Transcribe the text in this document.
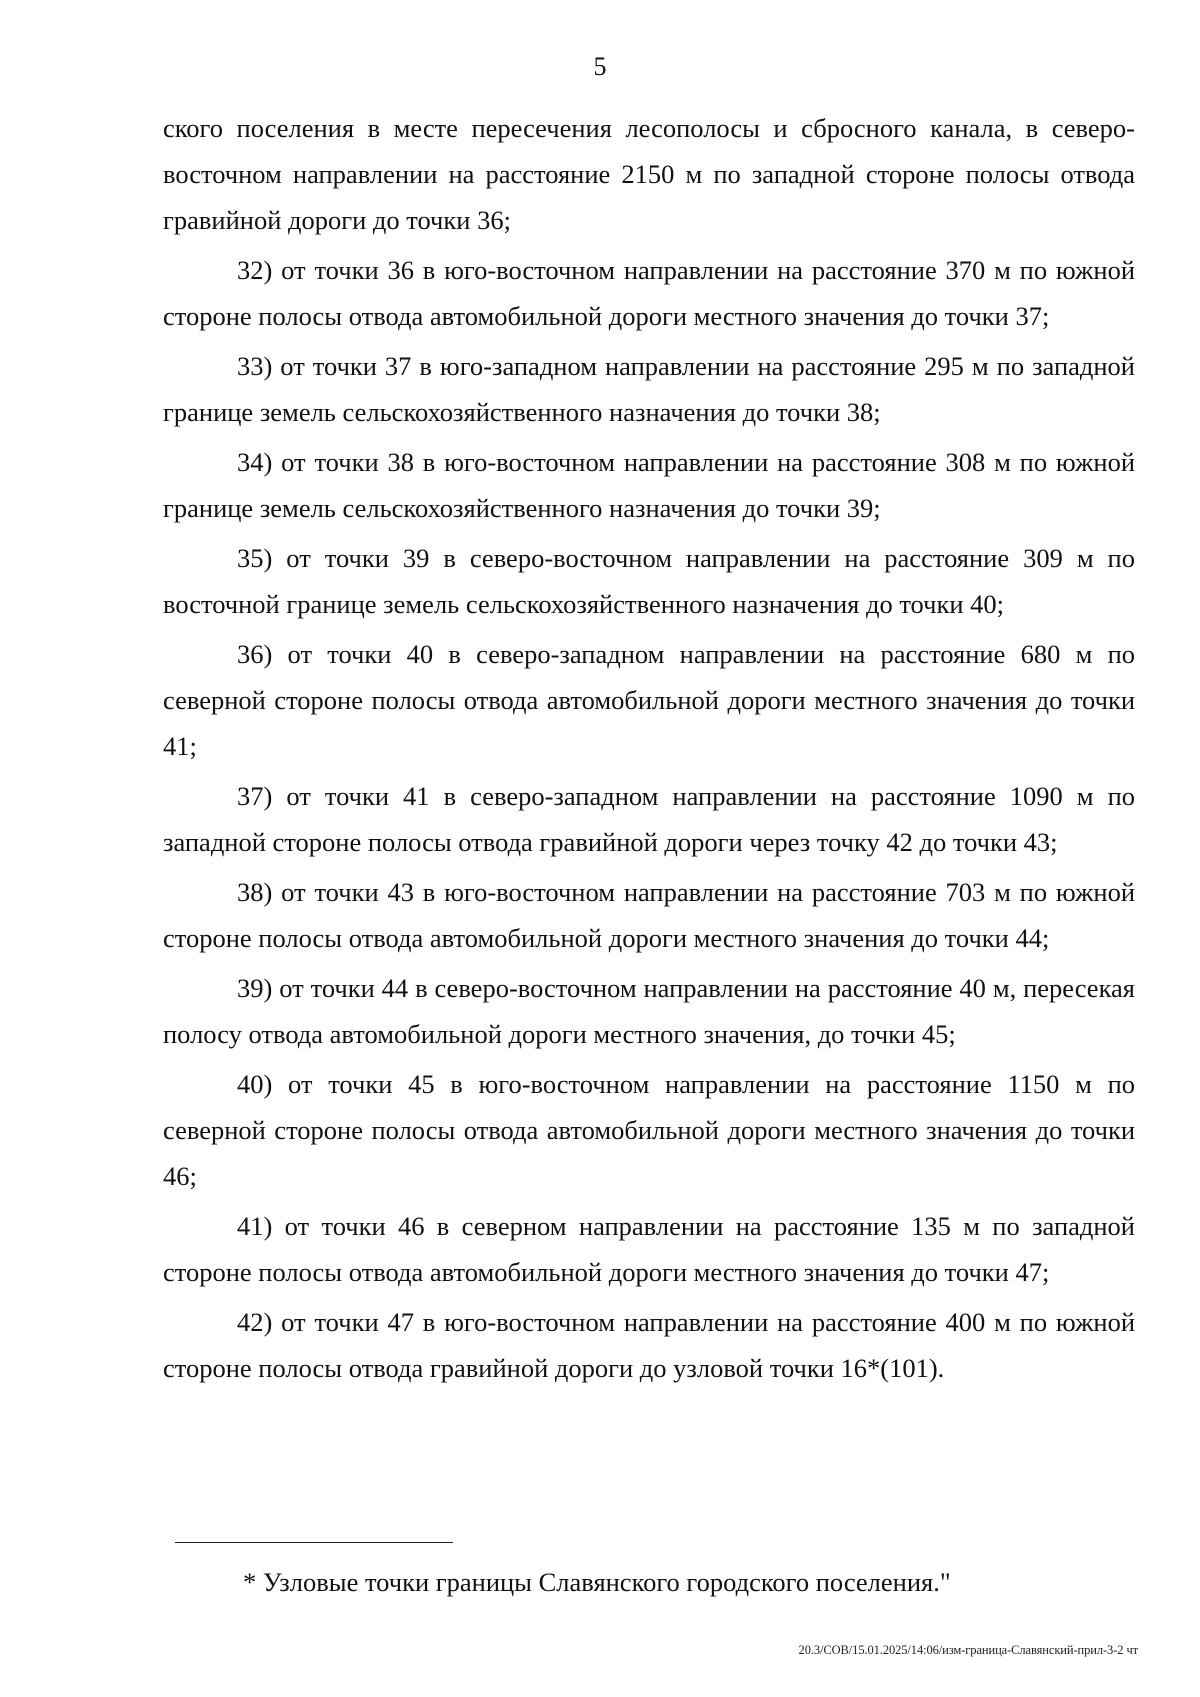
5

ского поселения в месте пересечения лесополосы и сбросного канала, в северо-восточном направлении на расстояние 2150 м по западной стороне полосы отвода гравийной дороги до точки 36;

32) от точки 36 в юго-восточном направлении на расстояние 370 м по южной стороне полосы отвода автомобильной дороги местного значения до точки 37;

33) от точки 37 в юго-западном направлении на расстояние 295 м по западной границе земель сельскохозяйственного назначения до точки 38;

34) от точки 38 в юго-восточном направлении на расстояние 308 м по южной границе земель сельскохозяйственного назначения до точки 39;

35) от точки 39 в северо-восточном направлении на расстояние 309 м по восточной границе земель сельскохозяйственного назначения до точки 40;

36) от точки 40 в северо-западном направлении на расстояние 680 м по северной стороне полосы отвода автомобильной дороги местного значения до точки 41;

37) от точки 41 в северо-западном направлении на расстояние 1090 м по западной стороне полосы отвода гравийной дороги через точку 42 до точки 43;

38) от точки 43 в юго-восточном направлении на расстояние 703 м по южной стороне полосы отвода автомобильной дороги местного значения до точки 44;

39) от точки 44 в северо-восточном направлении на расстояние 40 м, пересекая полосу отвода автомобильной дороги местного значения, до точки 45;

40) от точки 45 в юго-восточном направлении на расстояние 1150 м по северной стороне полосы отвода автомобильной дороги местного значения до точки 46;

41) от точки 46 в северном направлении на расстояние 135 м по западной стороне полосы отвода автомобильной дороги местного значения до точки 47;

42) от точки 47 в юго-восточном направлении на расстояние 400 м по южной стороне полосы отвода гравийной дороги до узловой точки 16*(101).

* Узловые точки границы Славянского городского поселения."
20.3/СОВ/15.01.2025/14:06/изм-граница-Славянский-прил-3-2 чт
